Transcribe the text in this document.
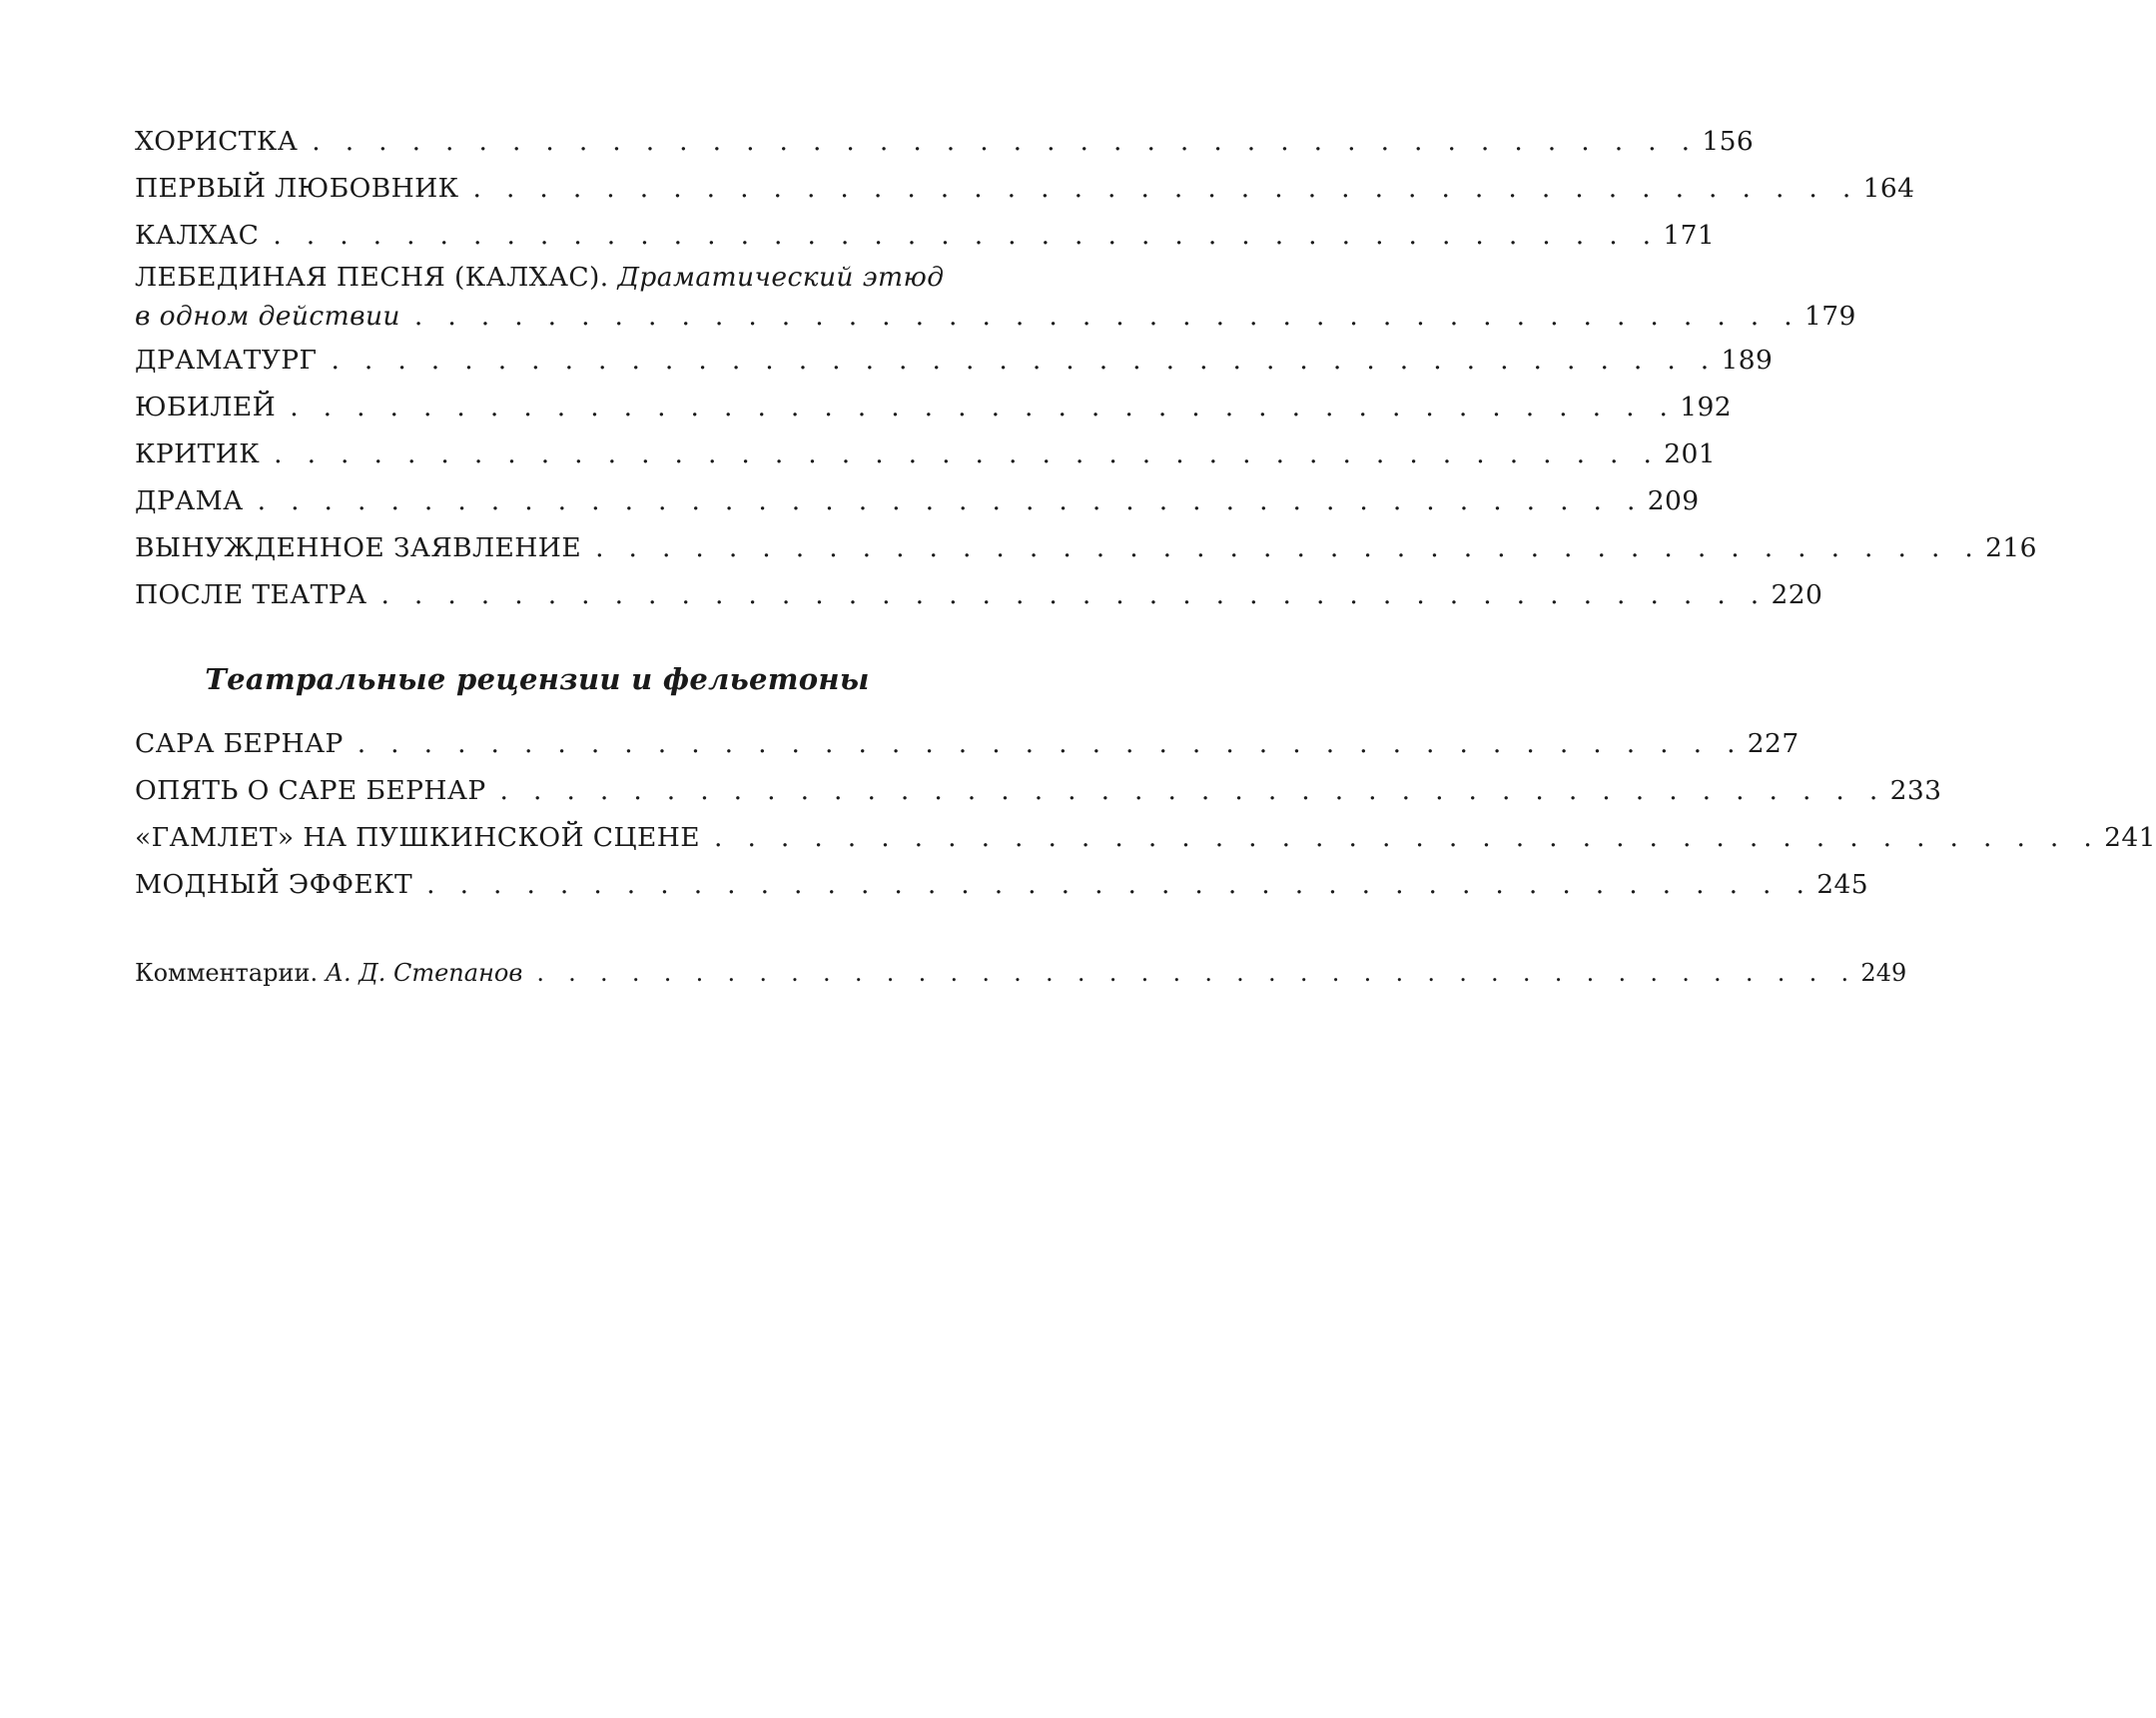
ХОРИСТКА . . . . . . . . . . . . . . . . . . . . . . . . . . . . . . . . . . . . . . . . . . 156
ПЕРВЫЙ ЛЮБОВНИК . . . . . . . . . . . . . . . . . . . . . . . . . . . . . . . . . . . . . . . . . . 164
КАЛХАС . . . . . . . . . . . . . . . . . . . . . . . . . . . . . . . . . . . . . . . . . . 171
ЛЕБЕДИНАЯ ПЕСНЯ (КАЛХАС). Драматический этюд
в одном действии . . . . . . . . . . . . . . . . . . . . . . . . . . . . . . . . . . . . . . . . . . 179
ДРАМАТУРГ . . . . . . . . . . . . . . . . . . . . . . . . . . . . . . . . . . . . . . . . . . 189
ЮБИЛЕЙ . . . . . . . . . . . . . . . . . . . . . . . . . . . . . . . . . . . . . . . . . . 192
КРИТИК . . . . . . . . . . . . . . . . . . . . . . . . . . . . . . . . . . . . . . . . . . 201
ДРАМА . . . . . . . . . . . . . . . . . . . . . . . . . . . . . . . . . . . . . . . . . . 209
ВЫНУЖДЕННОЕ ЗАЯВЛЕНИЕ . . . . . . . . . . . . . . . . . . . . . . . . . . . . . . . . . . . . . . . . . . 216
ПОСЛЕ ТЕАТРА . . . . . . . . . . . . . . . . . . . . . . . . . . . . . . . . . . . . . . . . . . 220
Театральные рецензии и фельетоны
САРА БЕРНАР . . . . . . . . . . . . . . . . . . . . . . . . . . . . . . . . . . . . . . . . . . 227
ОПЯТЬ О САРЕ БЕРНАР . . . . . . . . . . . . . . . . . . . . . . . . . . . . . . . . . . . . . . . . . . 233
«ГАМЛЕТ» НА ПУШКИНСКОЙ СЦЕНЕ . . . . . . . . . . . . . . . . . . . . . . . . . . . . . . . . . . . . . . . . . . 241
МОДНЫЙ ЭФФЕКТ . . . . . . . . . . . . . . . . . . . . . . . . . . . . . . . . . . . . . . . . . . 245
Комментарии. А. Д. Степанов . . . . . . . . . . . . . . . . . . . . . . . . . . . . . . . . . . . . . . . . . . 249
